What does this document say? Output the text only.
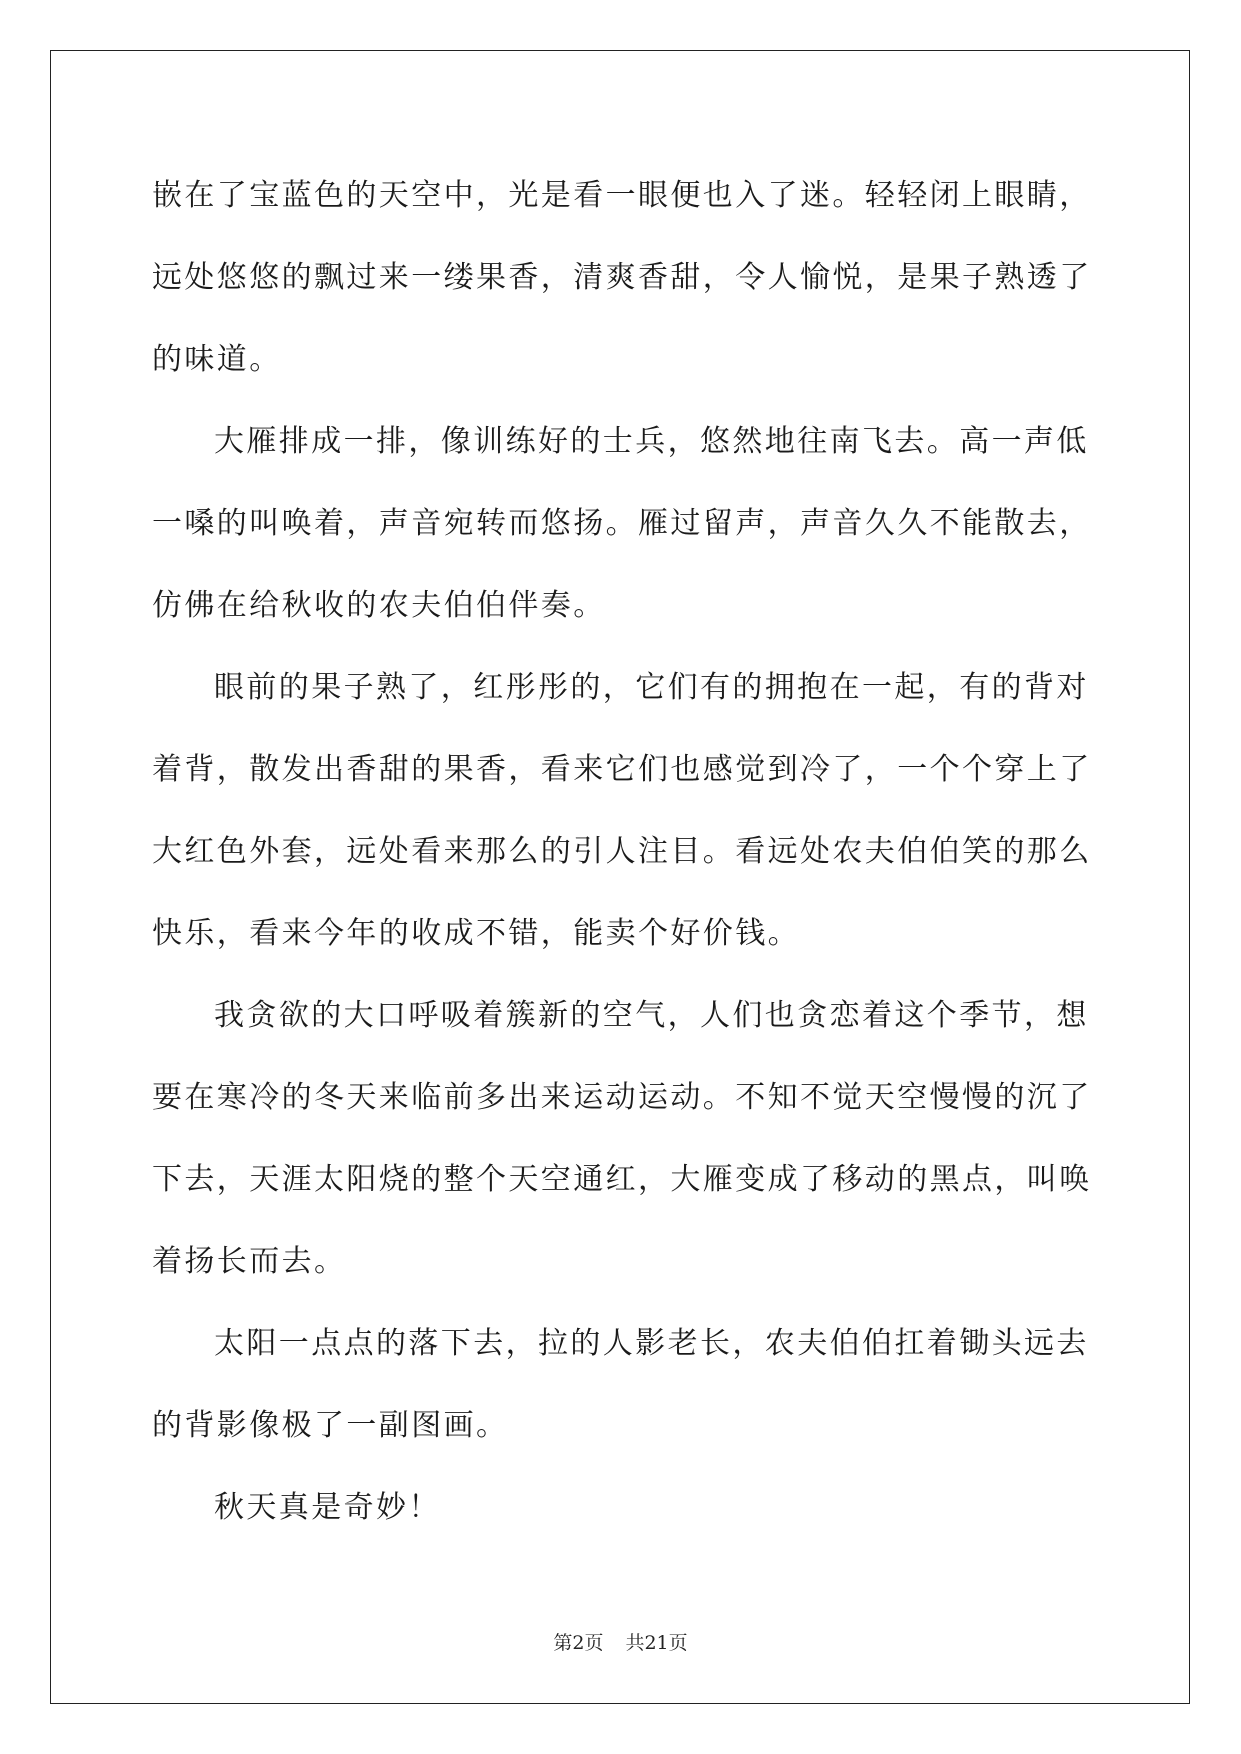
嵌在了宝蓝色的天空中，光是看一眼便也入了迷。轻轻闭上眼睛，远处悠悠的飘过来一缕果香，清爽香甜，令人愉悦，是果子熟透了的味道。

大雁排成一排，像训练好的士兵，悠然地往南飞去。高一声低一嗓的叫唤着，声音宛转而悠扬。雁过留声，声音久久不能散去，仿佛在给秋收的农夫伯伯伴奏。

眼前的果子熟了，红彤彤的，它们有的拥抱在一起，有的背对着背，散发出香甜的果香，看来它们也感觉到冷了，一个个穿上了大红色外套，远处看来那么的引人注目。看远处农夫伯伯笑的那么快乐，看来今年的收成不错，能卖个好价钱。

我贪欲的大口呼吸着簇新的空气，人们也贪恋着这个季节，想要在寒冷的冬天来临前多出来运动运动。不知不觉天空慢慢的沉了下去，天涯太阳烧的整个天空通红，大雁变成了移动的黑点，叫唤着扬长而去。

太阳一点点的落下去，拉的人影老长，农夫伯伯扛着锄头远去的背影像极了一副图画。

秋天真是奇妙！

第2页 共21页
